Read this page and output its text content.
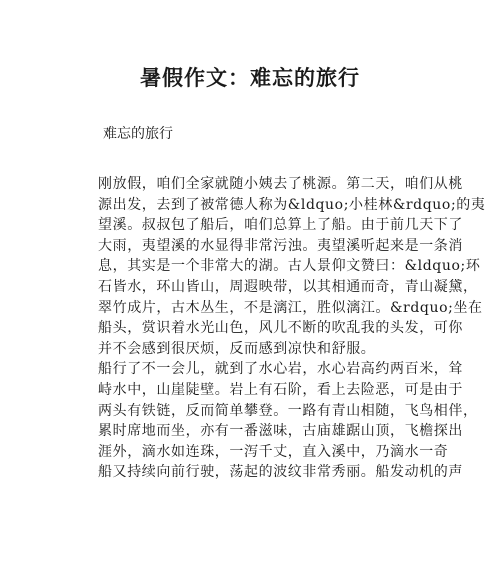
暑假作文：难忘的旅行

难忘的旅行

刚放假，咱们全家就随小姨去了桃源。第二天，咱们从桃
源出发，去到了被常德人称为&ldquo;小桂林&rdquo;的夷
望溪。叔叔包了船后，咱们总算上了船。由于前几天下了
大雨，夷望溪的水显得非常污浊。夷望溪听起来是一条消
息，其实是一个非常大的湖。古人景仰文赞曰：&ldquo;环
石皆水，环山皆山，周遐映带，以其相通而奇，青山凝黛，
翠竹成片，古木丛生，不是漓江，胜似漓江。&rdquo;坐在
船头，赏识着水光山色，风儿不断的吹乱我的头发，可你
并不会感到很厌烦，反而感到凉快和舒服。
船行了不一会儿，就到了水心岩，水心岩高约两百米，耸
峙水中，山崖陡壁。岩上有石阶，看上去险恶，可是由于
两头有铁链，反而简单攀登。一路有青山相随，飞鸟相伴，
累时席地而坐，亦有一番滋味，古庙雄踞山顶，飞檐探出
涯外，滴水如连珠，一泻千丈，直入溪中，乃滴水一奇
船又持续向前行驶，荡起的波纹非常秀丽。船发动机的声
